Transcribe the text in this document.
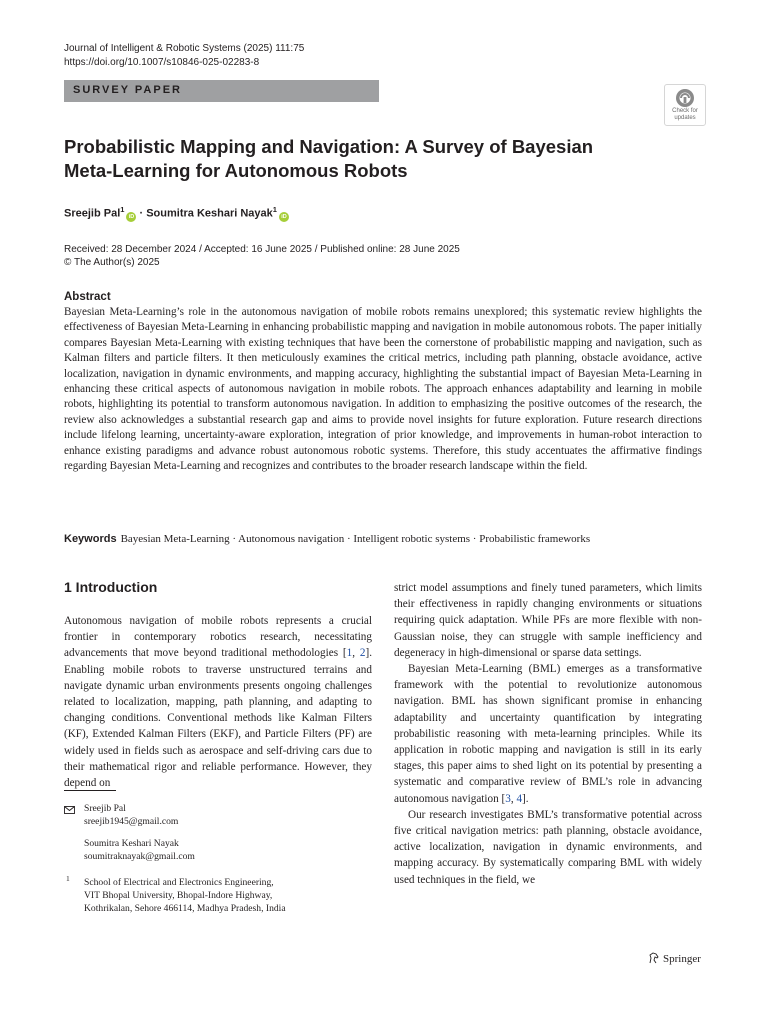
Journal of Intelligent & Robotic Systems (2025) 111:75
https://doi.org/10.1007/s10846-025-02283-8
SURVEY PAPER
Check for
updates
Probabilistic Mapping and Navigation: A Survey of Bayesian Meta-Learning for Autonomous Robots
Sreejib Pal$^1$iD · Soumitra Keshari Nayak$^1$iD
Received: 28 December 2024 / Accepted: 16 June 2025 / Published online: 28 June 2025
© The Author(s) 2025
Abstract
Bayesian Meta-Learning’s role in the autonomous navigation of mobile robots remains unexplored; this systematic review highlights the effectiveness of Bayesian Meta-Learning in enhancing probabilistic mapping and navigation in mobile autonomous robots. The paper initially compares Bayesian Meta-Learning with existing techniques that have been the cornerstone of probabilistic mapping and navigation, such as Kalman filters and particle filters. It then meticulously examines the critical metrics, including path planning, obstacle avoidance, active localization, navigation in dynamic environments, and mapping accuracy, highlighting the substantial impact of Bayesian Meta-Learning in enhancing these critical aspects of autonomous navigation in mobile robots. The approach enhances adaptability and learning in mobile robots, highlighting its potential to transform autonomous navigation. In addition to emphasizing the positive outcomes of the research, the review also acknowledges a substantial research gap and aims to provide novel insights for future exploration. Future research directions include lifelong learning, uncertainty-aware exploration, integration of prior knowledge, and improvements in human-robot interaction to enhance existing paradigms and advance robust autonomous robotic systems. Therefore, this study accentuates the affirmative findings regarding Bayesian Meta-Learning and recognizes and contributes to the broader research landscape within the field.
Keywords Bayesian Meta-Learning · Autonomous navigation · Intelligent robotic systems · Probabilistic frameworks
1 Introduction

Autonomous navigation of mobile robots represents a crucial frontier in contemporary robotics research, necessitating advancements that move beyond traditional methodologies [1, 2]. Enabling mobile robots to traverse unstructured terrains and navigate dynamic urban environments presents ongoing challenges related to localization, mapping, path planning, and adapting to changing conditions. Conventional methods like Kalman Filters (KF), Extended Kalman Filters (EKF), and Particle Filters (PF) are widely used in fields such as aerospace and self-driving cars due to their mathematical rigor and reliable performance. However, they depend on

strict model assumptions and finely tuned parameters, which limits their effectiveness in rapidly changing environments or situations requiring quick adaptation. While PFs are more flexible with non-Gaussian noise, they can struggle with sample inefficiency and degeneracy in high-dimensional or sparse data settings.

Bayesian Meta-Learning (BML) emerges as a transformative framework with the potential to revolutionize autonomous navigation. BML has shown significant promise in enhancing adaptability and uncertainty quantification by integrating probabilistic reasoning with meta-learning principles. While its application in robotic mapping and navigation is still in its early stages, this paper aims to shed light on its potential by presenting a systematic and comparative review of BML’s role in advancing autonomous navigation [3, 4].

Our research investigates BML’s transformative potential across five critical navigation metrics: path planning, obstacle avoidance, active localization, navigation in dynamic environments, and mapping accuracy. By systematically comparing BML with widely used techniques in the field, we

Sreejib Pal
sreejib1945@gmail.com
Soumitra Keshari Nayak
soumitraknayak@gmail.com
1 School of Electrical and Electronics Engineering,
VIT Bhopal University, Bhopal-Indore Highway,
Kothrikalan, Sehore 466114, Madhya Pradesh, India
Springer
